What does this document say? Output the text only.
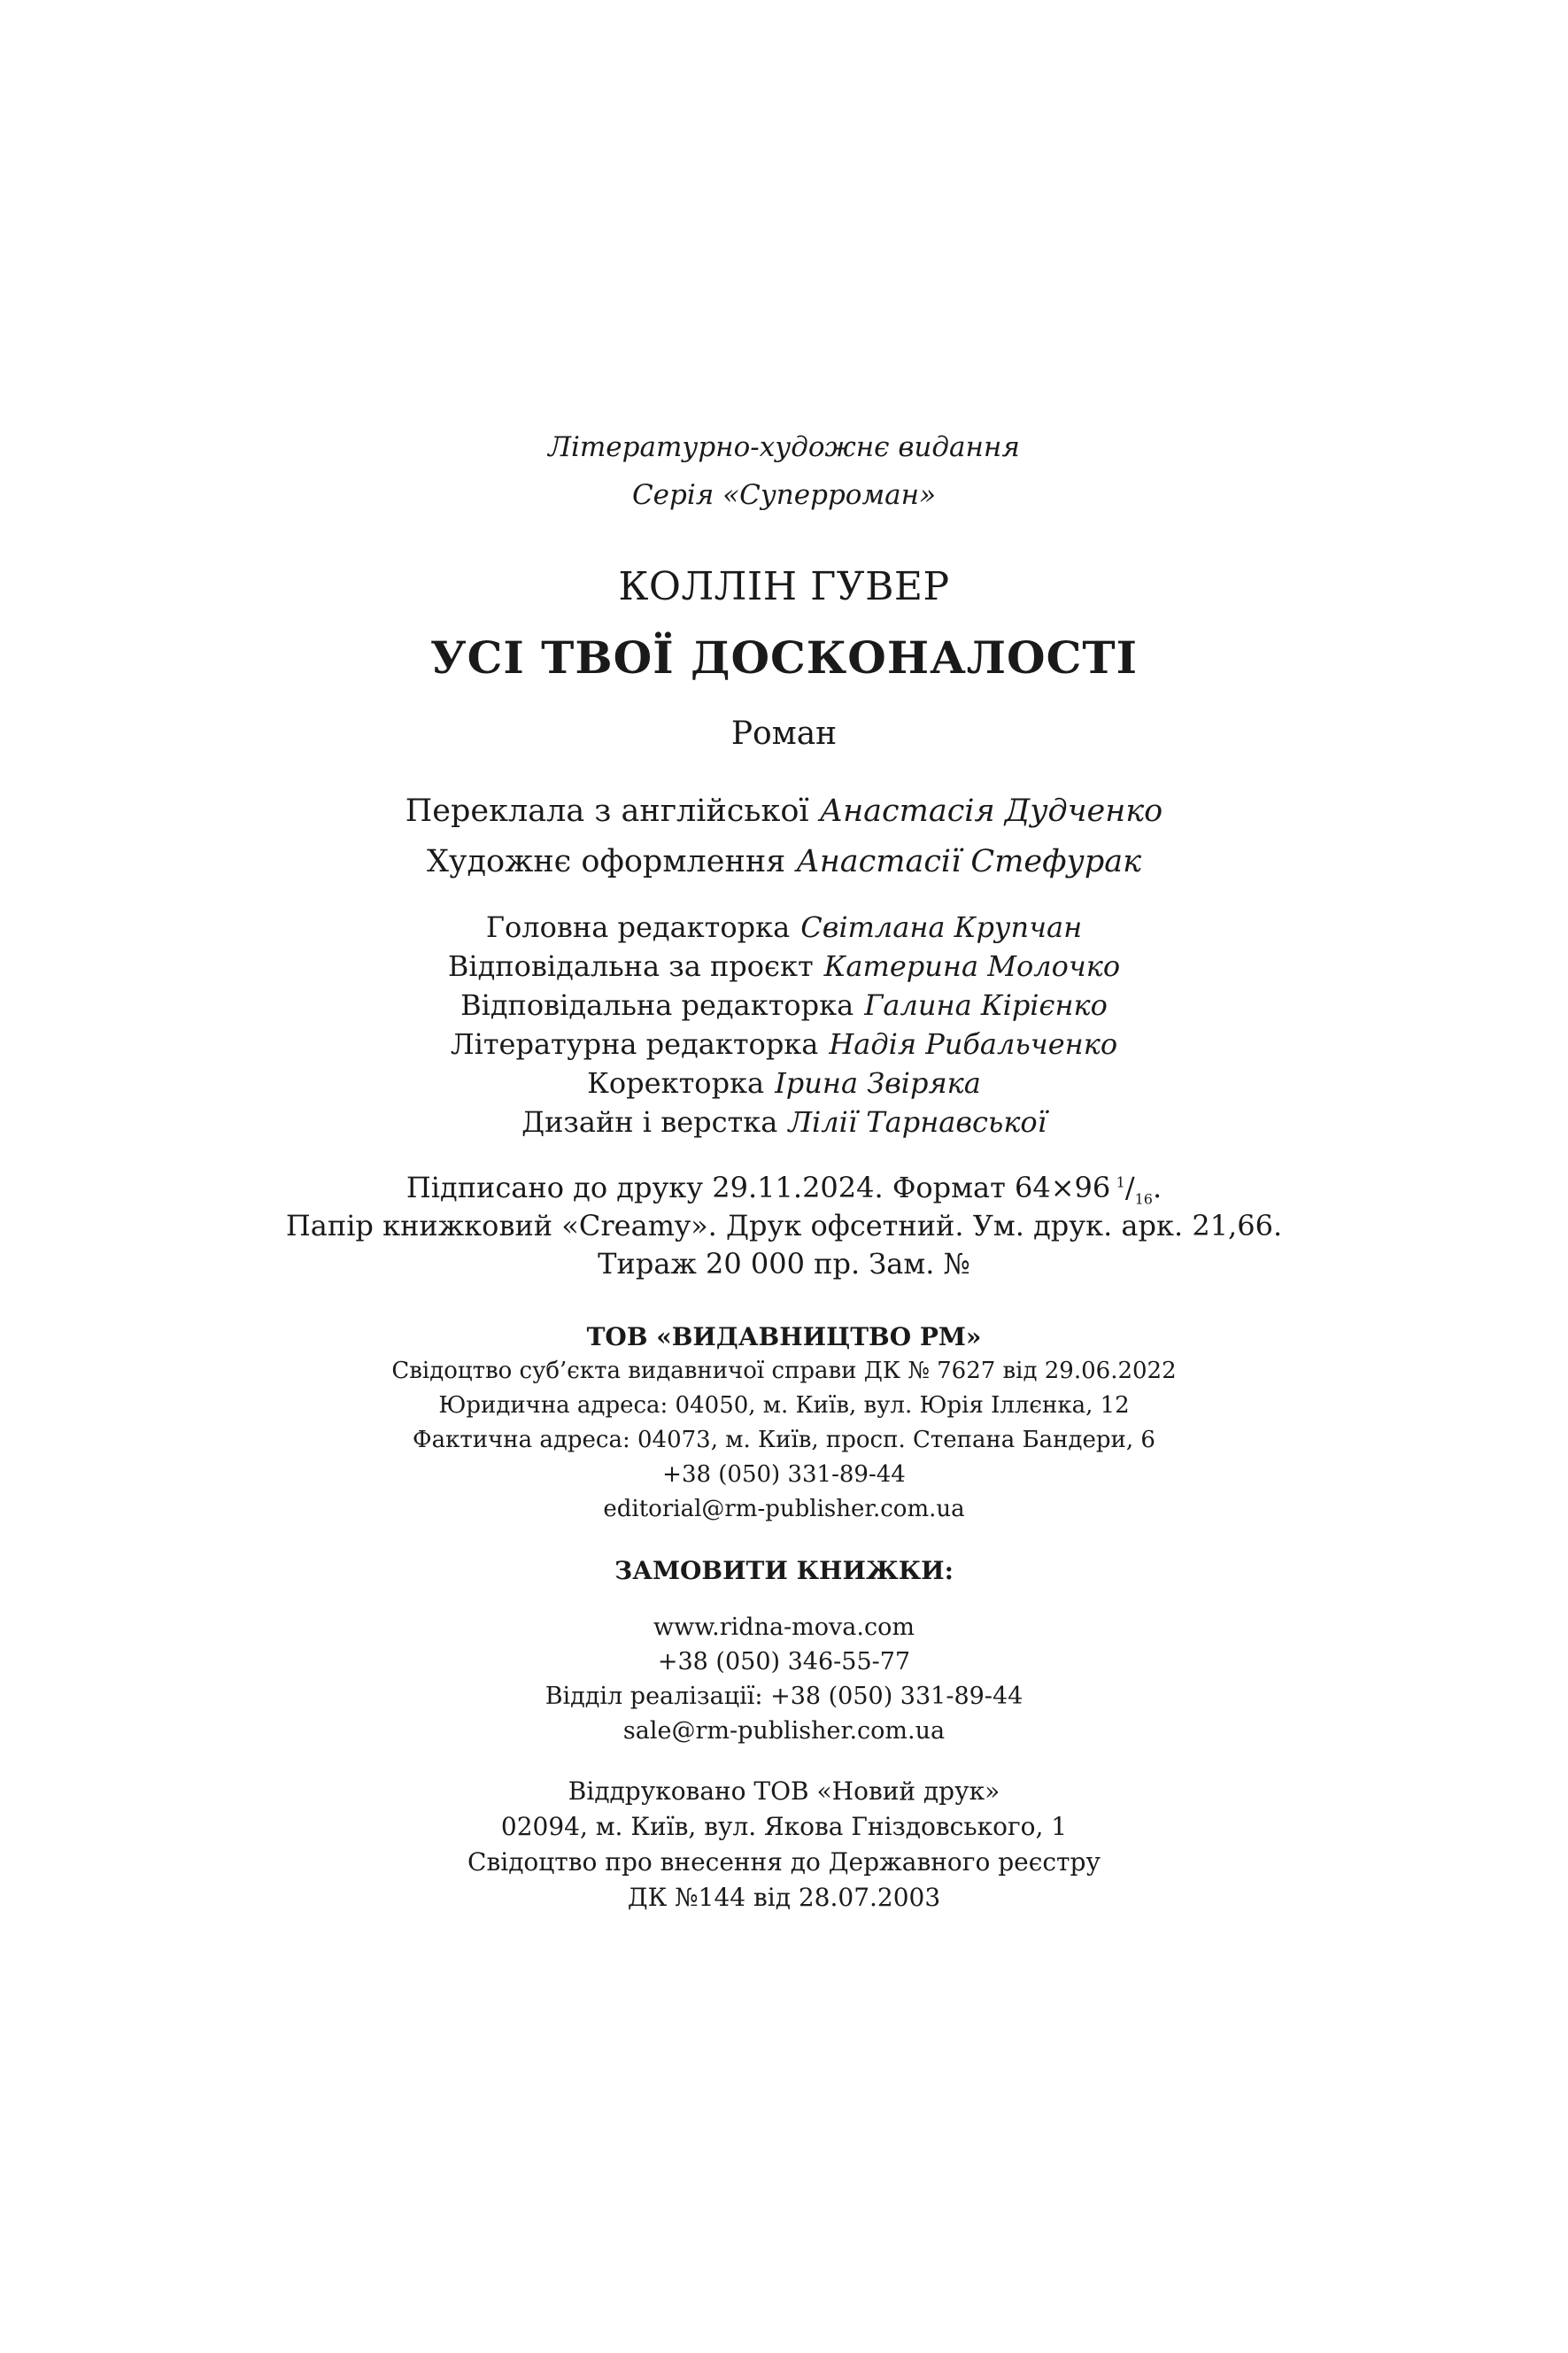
Літературно-художнє видання
Серія «Суперроман»
КОЛЛІН ГУВЕР
УСІ ТВОЇ ДОСКОНАЛОСТІ
Роман
Переклала з англійської Анастасія Дудченко
Художнє оформлення Анастасії Стефурак
Головна редакторка Світлана Крупчан
Відповідальна за проєкт Катерина Молочко
Відповідальна редакторка Галина Кірієнко
Літературна редакторка Надія Рибальченко
Коректорка Ірина Звіряка
Дизайн і верстка Лілії Тарнавської
Підписано до друку 29.11.2024. Формат 64×96  $^1/_{16}$.
Папір книжковий «Creamy». Друк офсетний. Ум. друк. арк. 21,66.
Тираж 20 000 пр. Зам. №
ТОВ «ВИДАВНИЦТВО РМ»
Свідоцтво суб’єкта видавничої справи ДК № 7627 від 29.06.2022
Юридична адреса: 04050, м. Київ, вул. Юрія Іллєнка, 12
Фактична адреса: 04073, м. Київ, просп. Степана Бандери, 6
+38 (050) 331-89-44
editorial@rm-publisher.com.ua
ЗАМОВИТИ КНИЖКИ:
www.ridna-mova.com
+38 (050) 346-55-77
Відділ реалізації: +38 (050) 331-89-44
sale@rm-publisher.com.ua
Віддруковано ТОВ «Новий друк»
02094, м. Київ, вул. Якова Гніздовського, 1
Свідоцтво про внесення до Державного реєстру
ДК №144 від 28.07.2003
